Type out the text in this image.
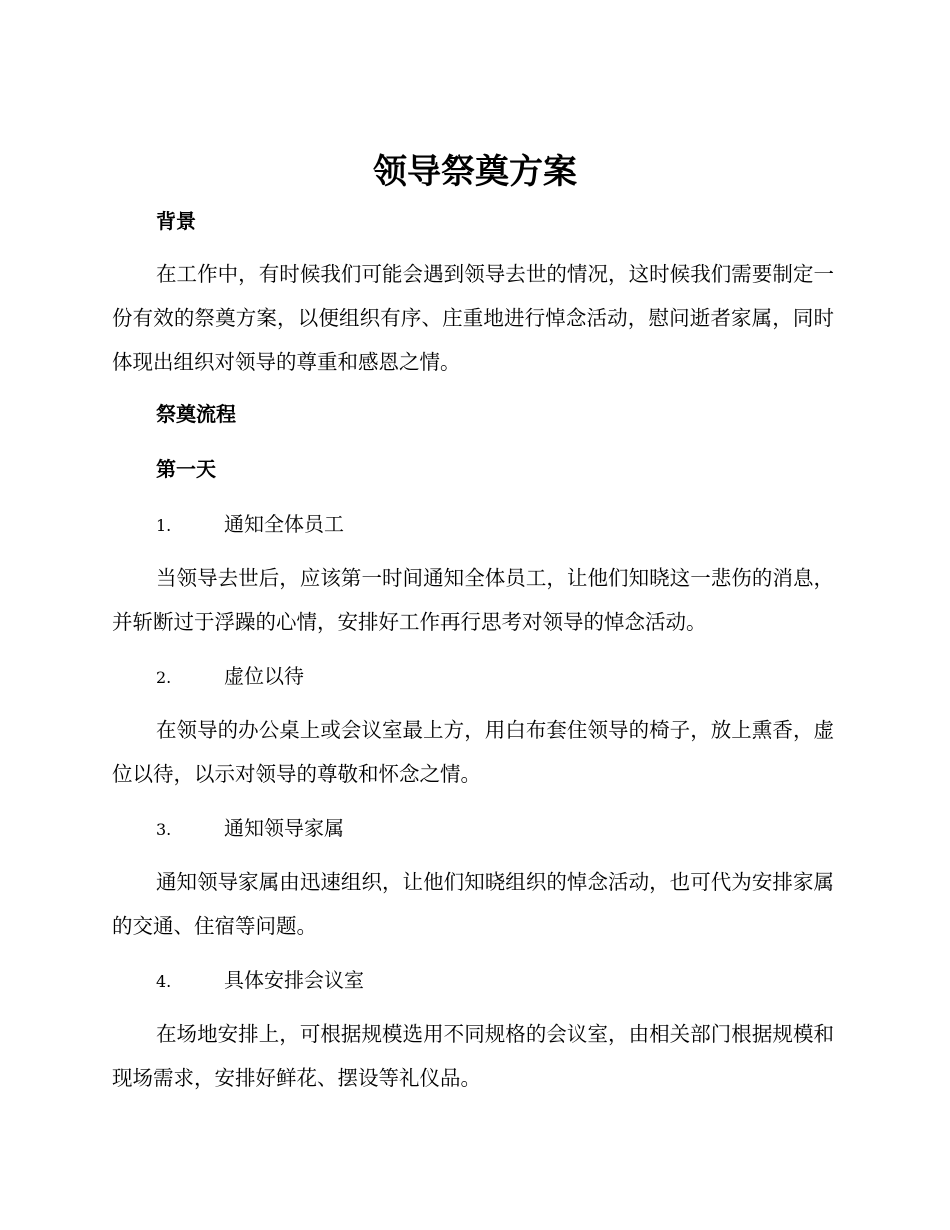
领导祭奠方案
背景

在工作中，有时候我们可能会遇到领导去世的情况，这时候我们需要制定一份有效的祭奠方案，以便组织有序、庄重地进行悼念活动，慰问逝者家属，同时体现出组织对领导的尊重和感恩之情。

祭奠流程
第一天
1.	通知全体员工

当领导去世后，应该第一时间通知全体员工，让他们知晓这一悲伤的消息，并斩断过于浮躁的心情，安排好工作再行思考对领导的悼念活动。

2.	虚位以待

在领导的办公桌上或会议室最上方，用白布套住领导的椅子，放上熏香，虚位以待，以示对领导的尊敬和怀念之情。

3.	通知领导家属

通知领导家属由迅速组织，让他们知晓组织的悼念活动，也可代为安排家属的交通、住宿等问题。

4.	具体安排会议室

在场地安排上，可根据规模选用不同规格的会议室，由相关部门根据规模和现场需求，安排好鲜花、摆设等礼仪品。
